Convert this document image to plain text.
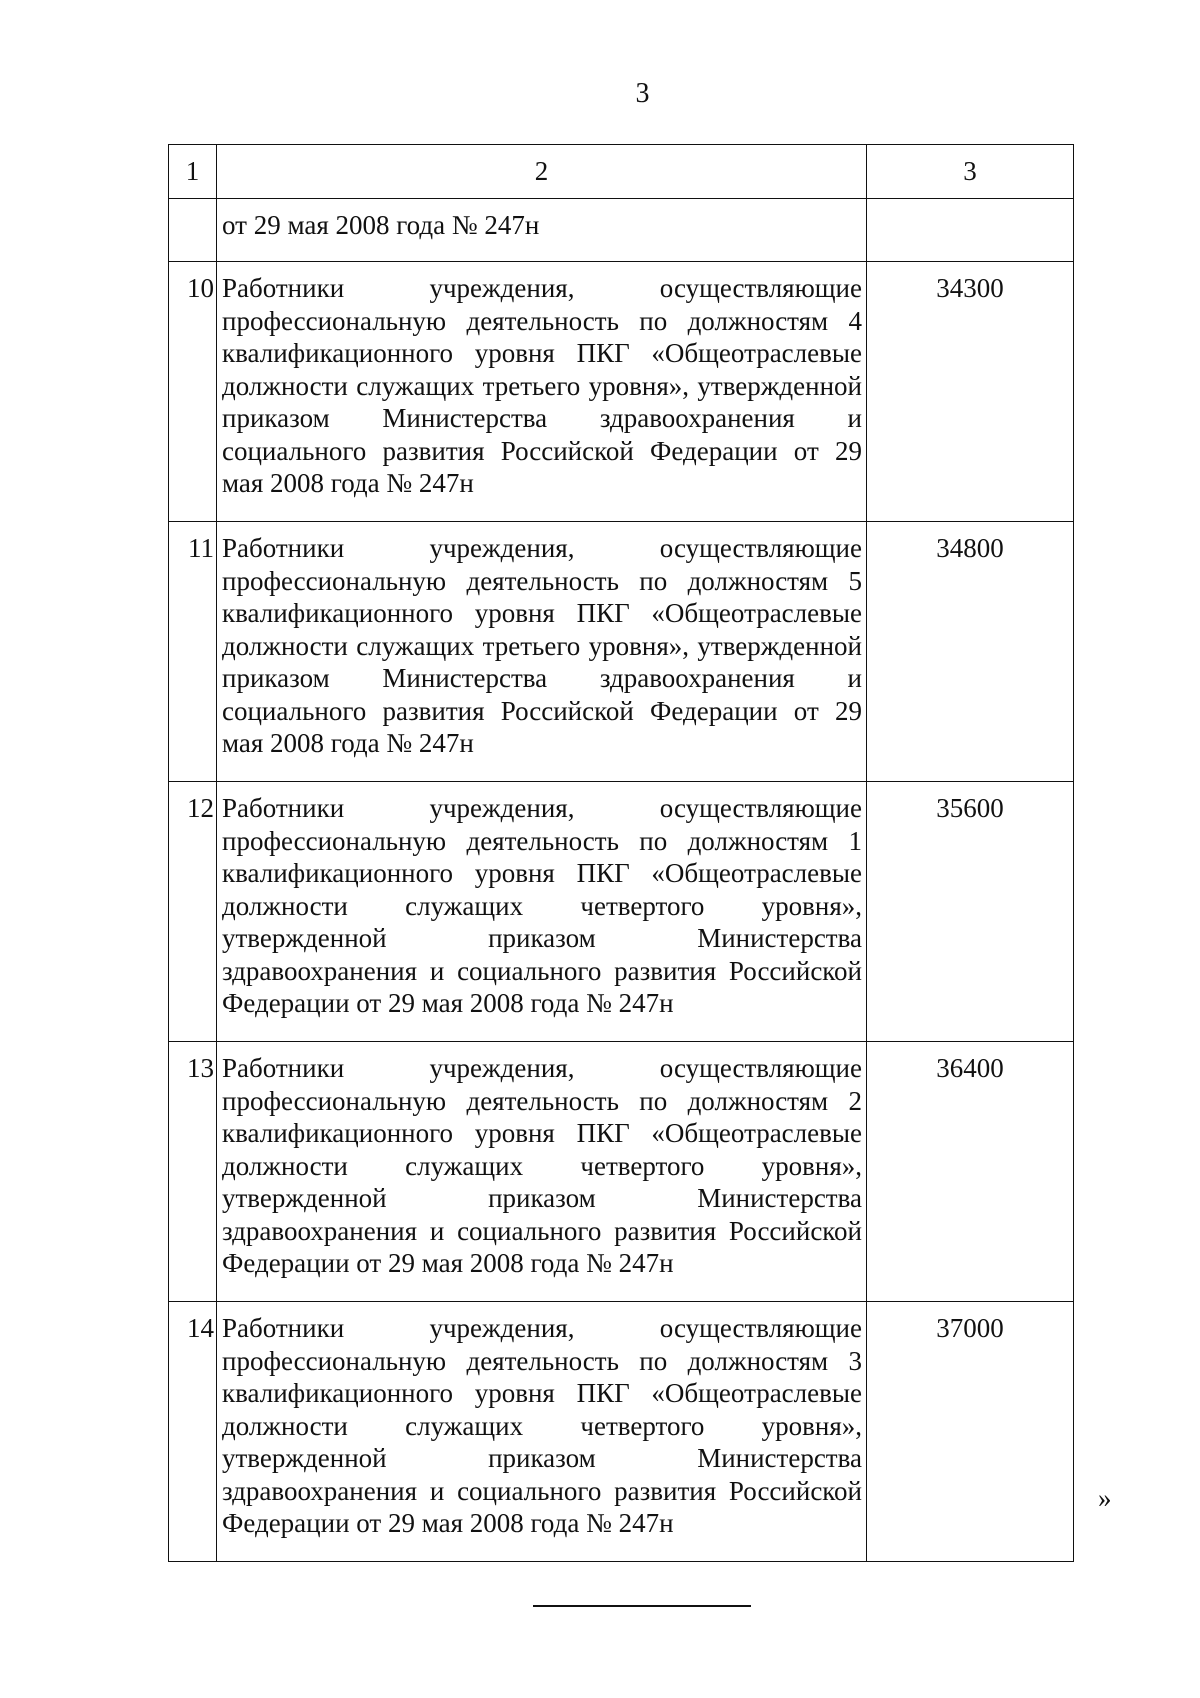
3
1	2	3
	от 29 мая 2008 года № 247н	
10	Работники учреждения, осуществляющие профессиональную деятельность по должностям 4 квалификационного уровня ПКГ «Общеотраслевые должности служащих третьего уровня», утвержденной приказом Министерства здравоохранения и социального развития Российской Федерации от 29 мая 2008 года № 247н	34300
11	Работники учреждения, осуществляющие профессиональную деятельность по должностям 5 квалификационного уровня ПКГ «Общеотраслевые должности служащих третьего уровня», утвержденной приказом Министерства здравоохранения и социального развития Российской Федерации от 29 мая 2008 года № 247н	34800
12	Работники учреждения, осуществляющие профессиональную деятельность по должностям 1 квалификационного уровня ПКГ «Общеотраслевые должности служащих четвертого уровня», утвержденной приказом Министерства здравоохранения и социального развития Российской Федерации от 29 мая 2008 года № 247н	35600
13	Работники учреждения, осуществляющие профессиональную деятельность по должностям 2 квалификационного уровня ПКГ «Общеотраслевые должности служащих четвертого уровня», утвержденной приказом Министерства здравоохранения и социального развития Российской Федерации от 29 мая 2008 года № 247н	36400
14	Работники учреждения, осуществляющие профессиональную деятельность по должностям 3 квалификационного уровня ПКГ «Общеотраслевые должности служащих четвертого уровня», утвержденной приказом Министерства здравоохранения и социального развития Российской Федерации от 29 мая 2008 года № 247н	37000
»
